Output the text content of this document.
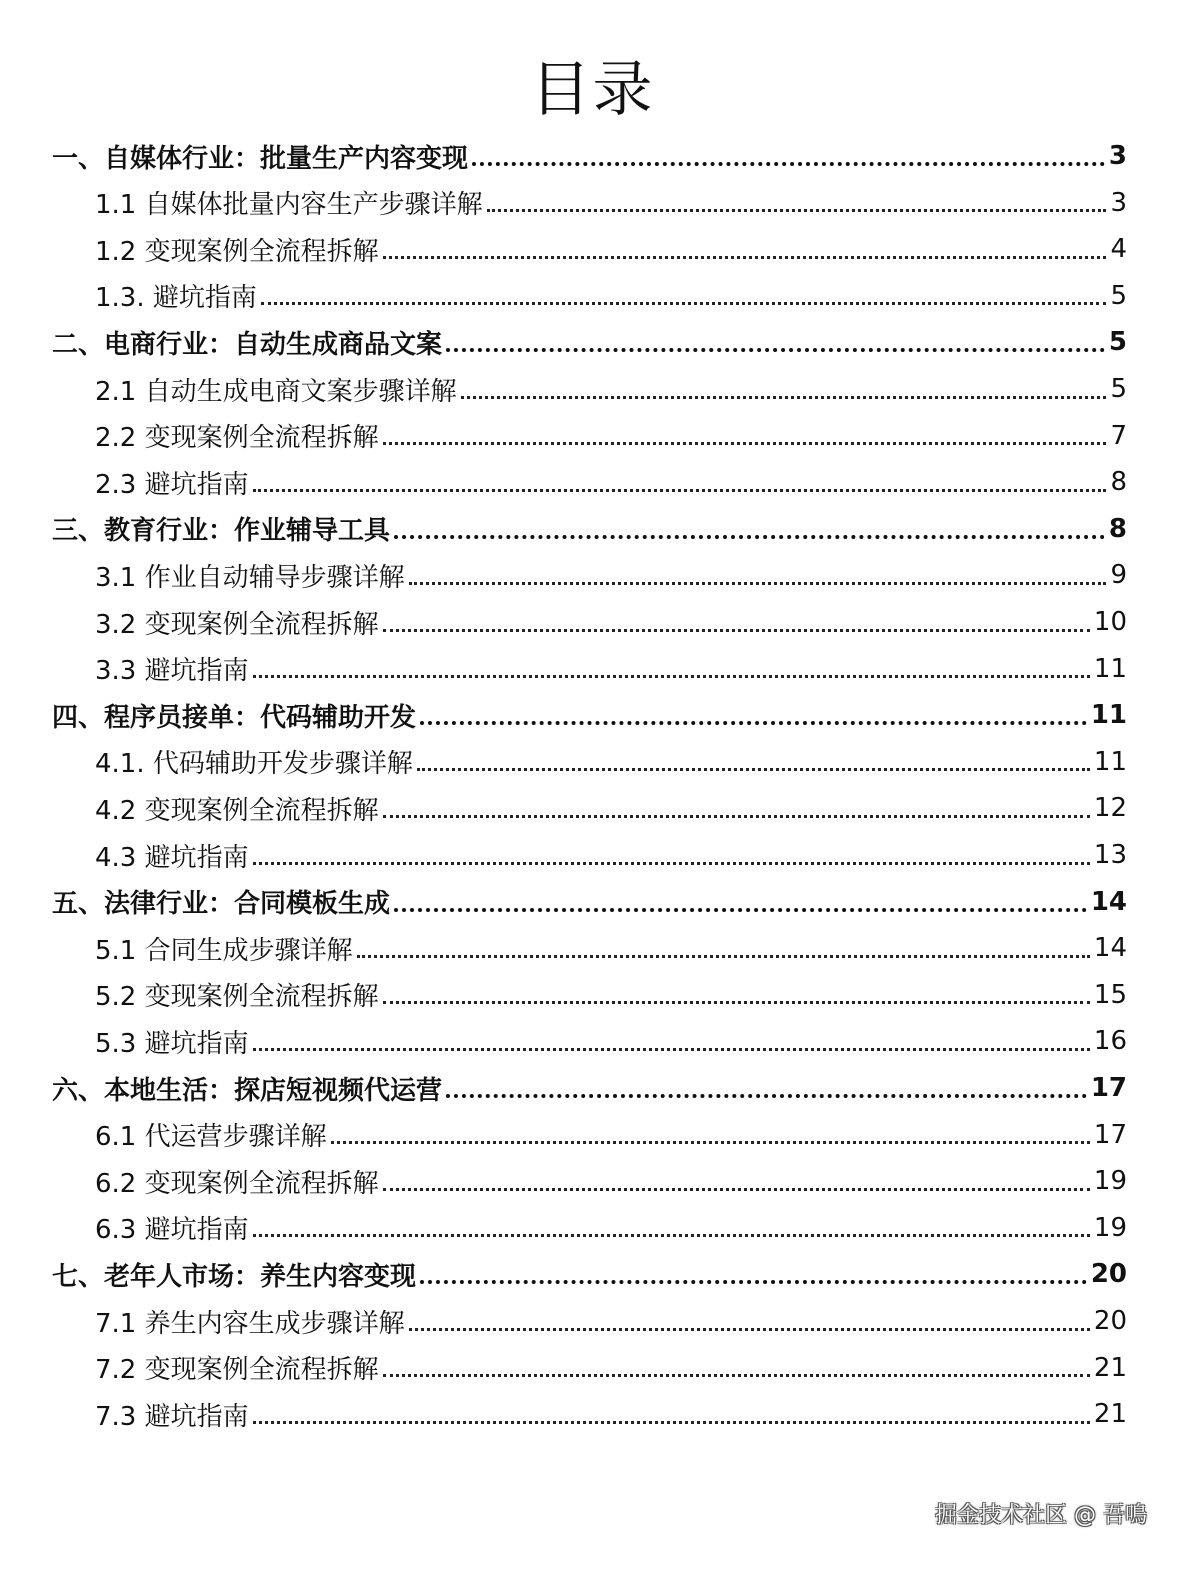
目录
一、自媒体行业：批量生产内容变现	3
1.1 自媒体批量内容生产步骤详解	3
1.2 变现案例全流程拆解	4
1.3. 避坑指南	5
二、电商行业：自动生成商品文案	5
2.1 自动生成电商文案步骤详解	5
2.2 变现案例全流程拆解	7
2.3 避坑指南	8
三、教育行业：作业辅导工具	8
3.1 作业自动辅导步骤详解	9
3.2 变现案例全流程拆解	10
3.3 避坑指南	11
四、程序员接单：代码辅助开发	11
4.1. 代码辅助开发步骤详解	11
4.2 变现案例全流程拆解	12
4.3 避坑指南	13
五、法律行业：合同模板生成	14
5.1 合同生成步骤详解	14
5.2 变现案例全流程拆解	15
5.3 避坑指南	16
六、本地生活：探店短视频代运营	17
6.1 代运营步骤详解	17
6.2 变现案例全流程拆解	19
6.3 避坑指南	19
七、老年人市场：养生内容变现	20
7.1 养生内容生成步骤详解	20
7.2 变现案例全流程拆解	21
7.3 避坑指南	21
掘金技术社区 @ 吾鳴
